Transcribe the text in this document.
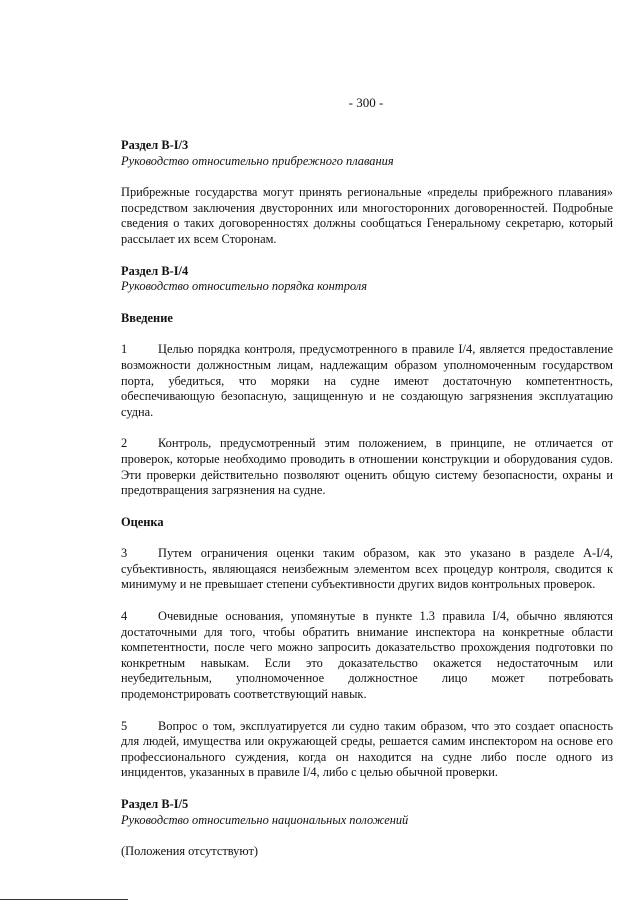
- 300 -

Раздел B-I/3

Руководство относительно прибрежного плавания

Прибрежные государства могут принять региональные «пределы прибрежного плавания» посредством заключения двусторонних или многосторонних договоренностей. Подробные сведения о таких договоренностях должны сообщаться Генеральному секретарю, который рассылает их всем Сторонам.

Раздел B-I/4

Руководство относительно порядка контроля

Введение

1 Целью порядка контроля, предусмотренного в правиле I/4, является предоставление возможности должностным лицам, надлежащим образом уполномоченным государством порта, убедиться, что моряки на судне имеют достаточную компетентность, обеспечивающую безопасную, защищенную и не создающую загрязнения эксплуатацию судна.

2 Контроль, предусмотренный этим положением, в принципе, не отличается от проверок, которые необходимо проводить в отношении конструкции и оборудования судов. Эти проверки действительно позволяют оценить общую систему безопасности, охраны и предотвращения загрязнения на судне.

Оценка

3 Путем ограничения оценки таким образом, как это указано в разделе A-I/4, субъективность, являющаяся неизбежным элементом всех процедур контроля, сводится к минимуму и не превышает степени субъективности других видов контрольных проверок.

4 Очевидные основания, упомянутые в пункте 1.3 правила I/4, обычно являются достаточными для того, чтобы обратить внимание инспектора на конкретные области компетентности, после чего можно запросить доказательство прохождения подготовки по конкретным навыкам. Если это доказательство окажется недостаточным или неубедительным, уполномоченное должностное лицо может потребовать продемонстрировать соответствующий навык.

5 Вопрос о том, эксплуатируется ли судно таким образом, что это создает опасность для людей, имущества или окружающей среды, решается самим инспектором на основе его профессионального суждения, когда он находится на судне либо после одного из инцидентов, указанных в правиле I/4, либо с целью обычной проверки.

Раздел B-I/5

Руководство относительно национальных положений

(Положения отсутствуют)
